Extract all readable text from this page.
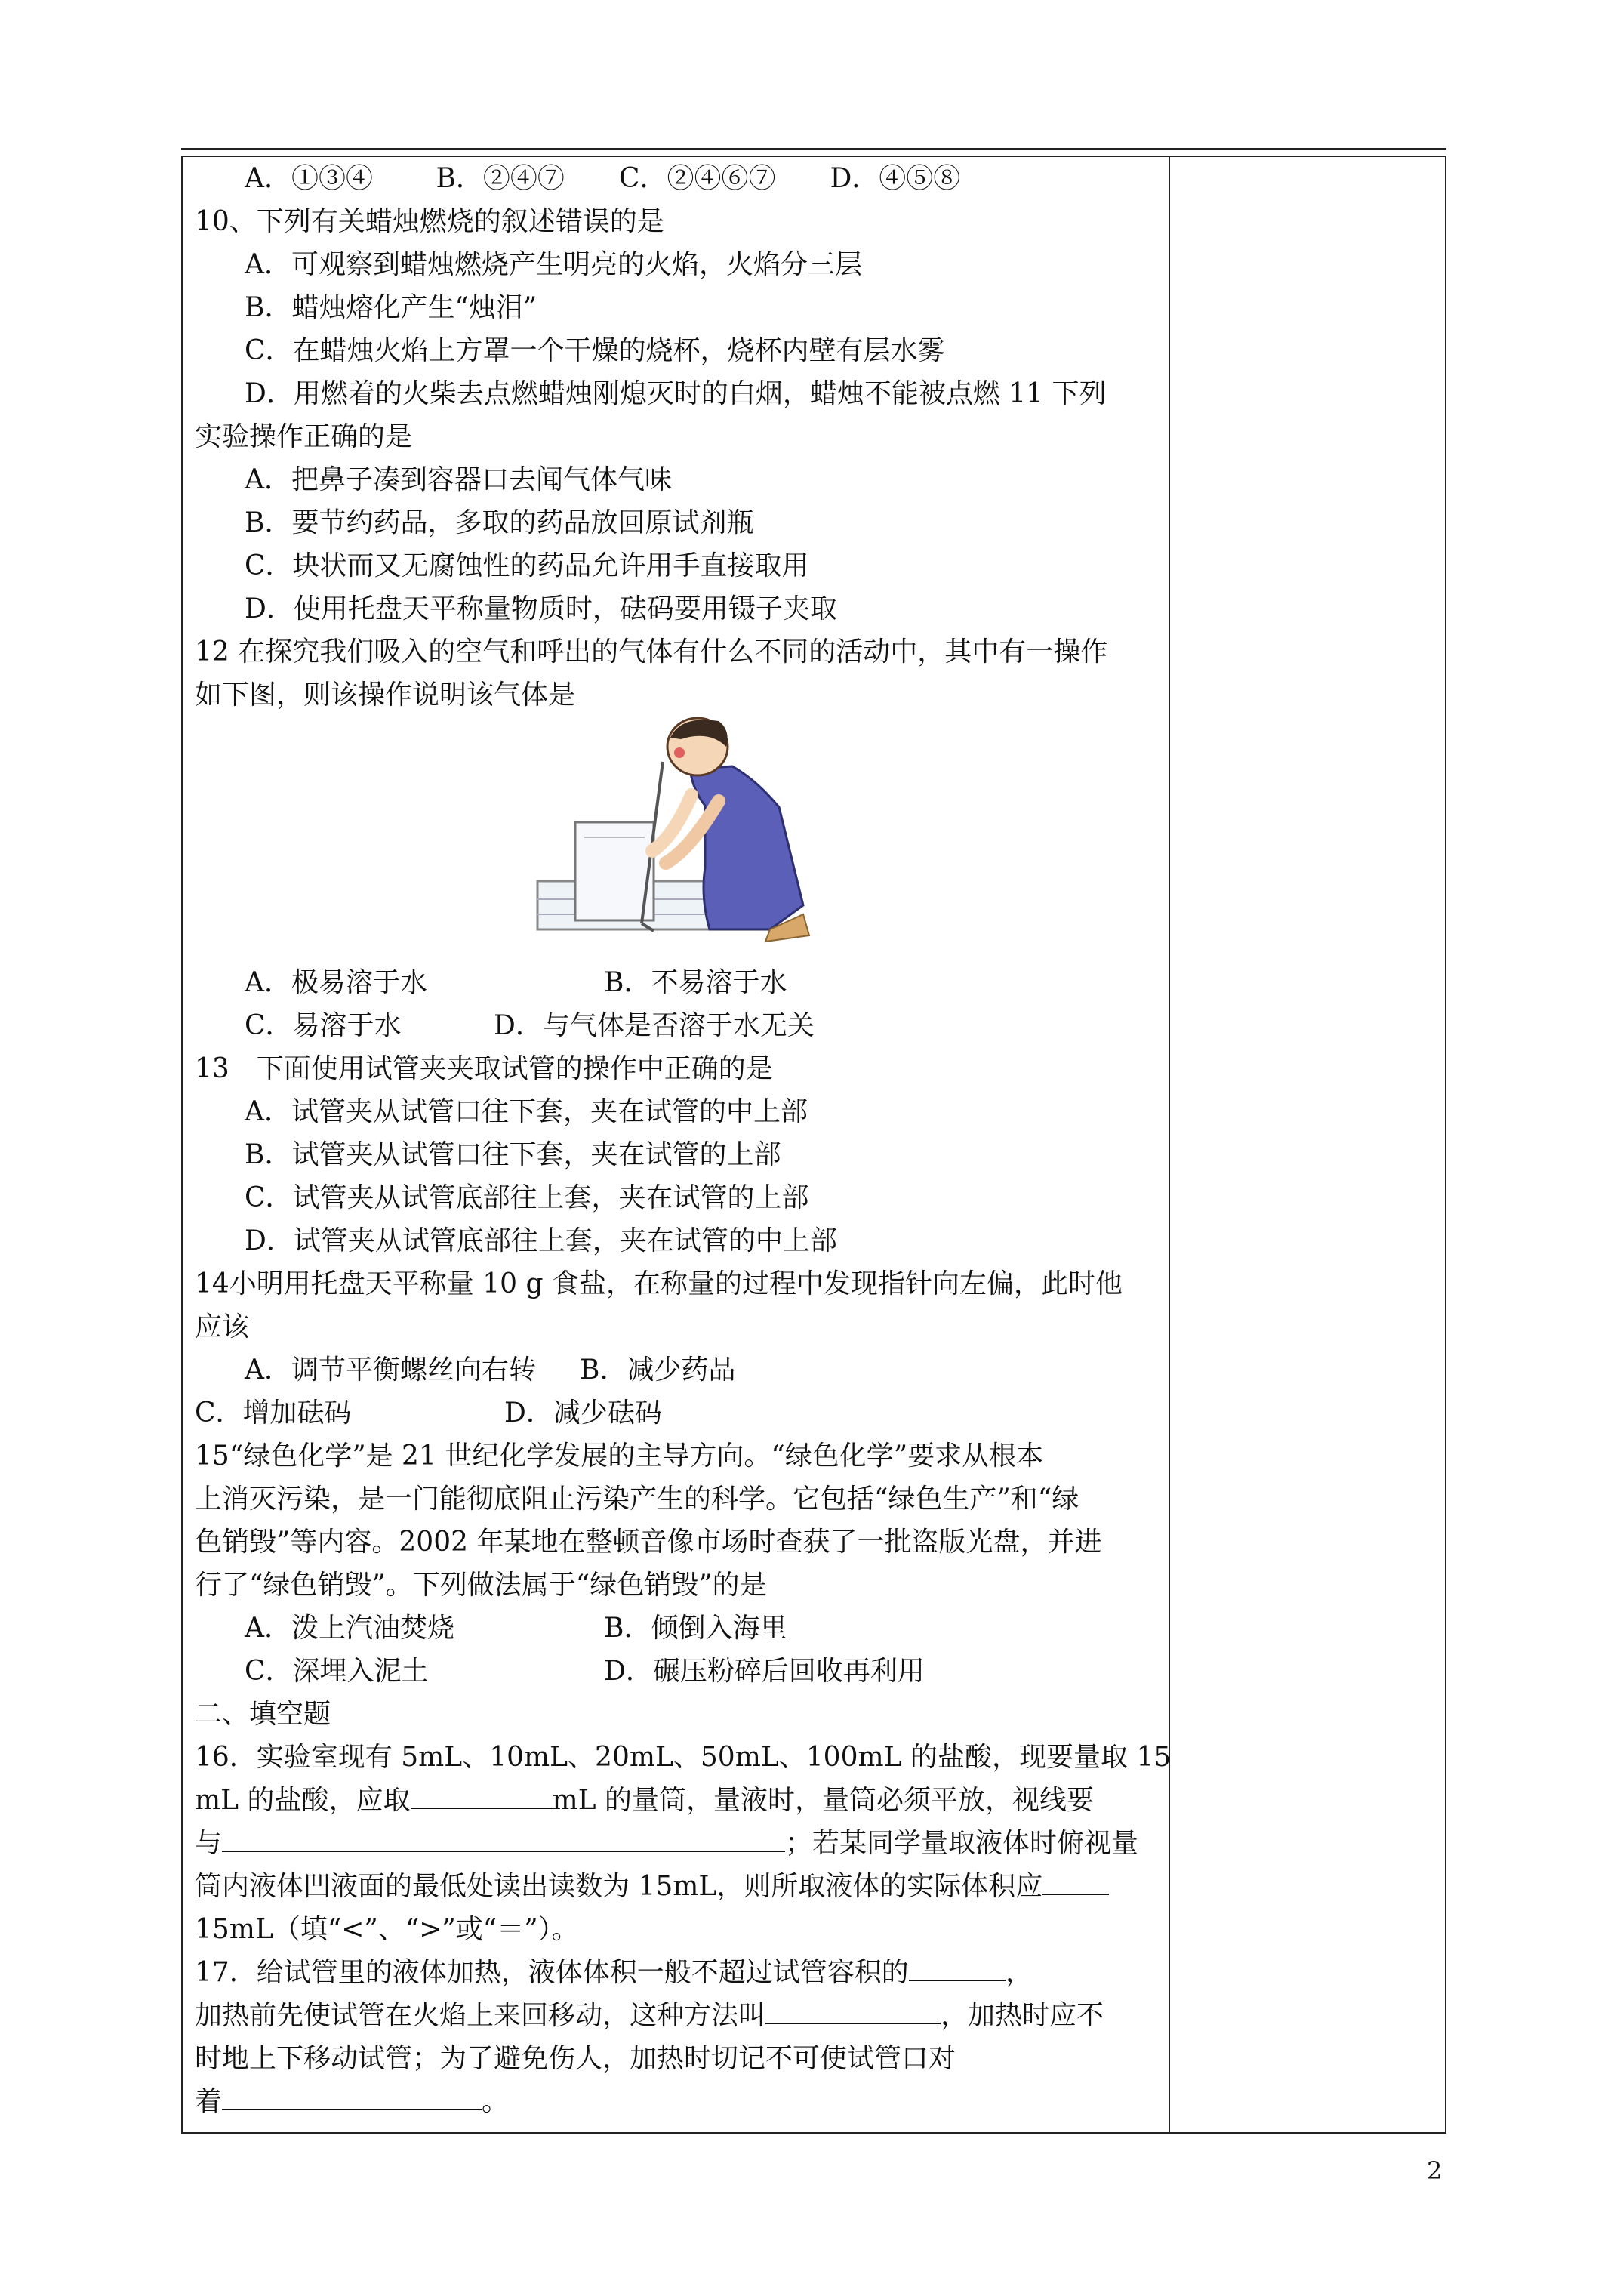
A．①③④　　 B．②④⑦　　C．②④⑥⑦　　D．④⑤⑧
10、下列有关蜡烛燃烧的叙述错误的是
A．可观察到蜡烛燃烧产生明亮的火焰，火焰分三层
B．蜡烛熔化产生“烛泪”
C．在蜡烛火焰上方罩一个干燥的烧杯，烧杯内壁有层水雾
D．用燃着的火柴去点燃蜡烛刚熄灭时的白烟，蜡烛不能被点燃 11 下列
实验操作正确的是
A．把鼻子凑到容器口去闻气体气味
B．要节约药品，多取的药品放回原试剂瓶
C．块状而又无腐蚀性的药品允许用手直接取用
D．使用托盘天平称量物质时，砝码要用镊子夹取
12 在探究我们吸入的空气和呼出的气体有什么不同的活动中，其中有一操作
如下图，则该操作说明该气体是
A．极易溶于水	B．不易溶于水
C．易溶于水	D．与气体是否溶于水无关
13　下面使用试管夹夹取试管的操作中正确的是
A．试管夹从试管口往下套，夹在试管的中上部
B．试管夹从试管口往下套，夹在试管的上部
C．试管夹从试管底部往上套，夹在试管的上部
D．试管夹从试管底部往上套，夹在试管的中上部
14小明用托盘天平称量 10 g 食盐，在称量的过程中发现指针向左偏，此时他
应该
A．调节平衡螺丝向右转 B．减少药品
C．增加砝码	D．减少砝码
15“绿色化学”是 21 世纪化学发展的主导方向。“绿色化学”要求从根本
上消灭污染，是一门能彻底阻止污染产生的科学。它包括“绿色生产”和“绿
色销毁”等内容。2002 年某地在整顿音像市场时查获了一批盗版光盘，并进
行了“绿色销毁”。下列做法属于“绿色销毁”的是
A．泼上汽油焚烧	B．倾倒入海里
C．深埋入泥土	D．碾压粉碎后回收再利用
二、填空题
16．实验室现有 5mL、10mL、20mL、50mL、100mL 的盐酸，现要量取 15
mL 的盐酸，应取	mL 的量筒，量液时，量筒必须平放，视线要
与	；若某同学量取液体时俯视量
筒内液体凹液面的最低处读出读数为 15mL，则所取液体的实际体积应
15mL（填“<”、“>”或“＝”）。
17．给试管里的液体加热，液体体积一般不超过试管容积的	，
加热前先使试管在火焰上来回移动，这种方法叫	，加热时应不
时地上下移动试管；为了避免伤人，加热时切记不可使试管口对
着	。
2
